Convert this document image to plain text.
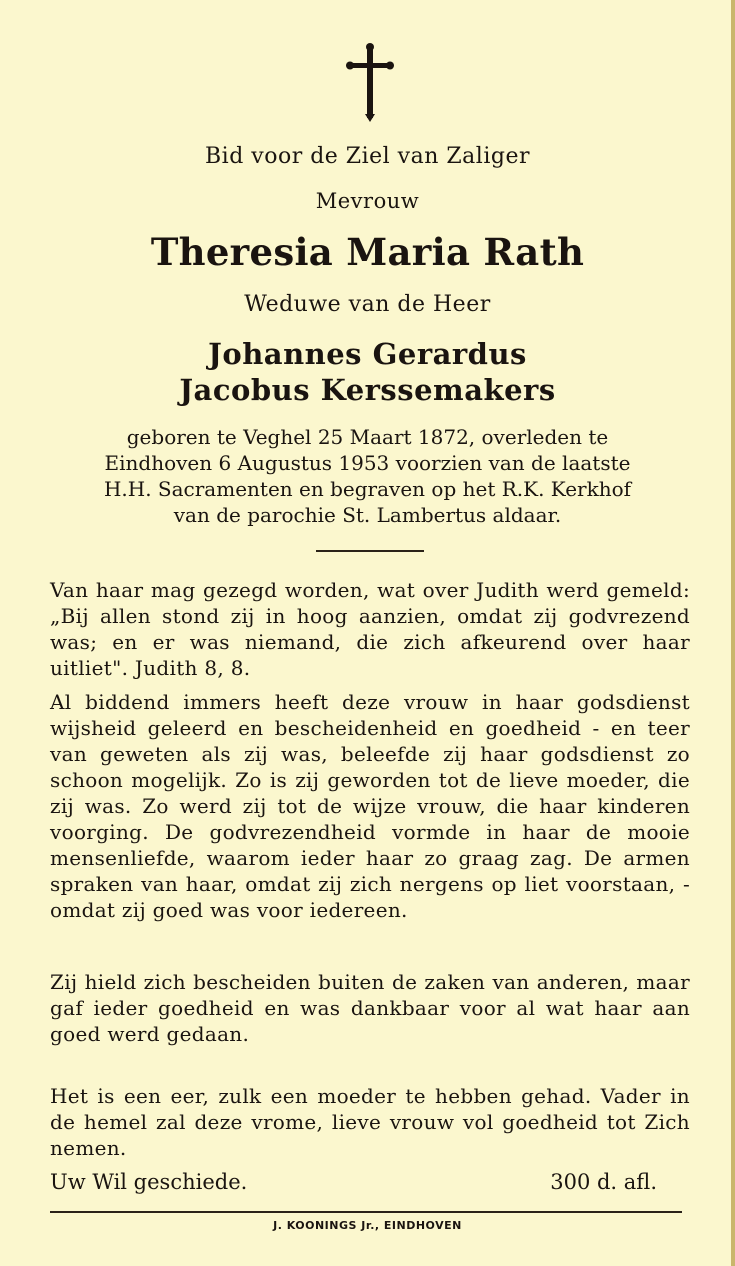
Bid voor de Ziel van Zaliger
Mevrouw
Theresia Maria Rath
Weduwe van de Heer
Johannes Gerardus
Jacobus Kerssemakers
geboren te Veghel 25 Maart 1872, overleden te
Eindhoven 6 Augustus 1953 voorzien van de laatste
H.H. Sacramenten en begraven op het R.K. Kerkhof
van de parochie St. Lambertus aldaar.
Van haar mag gezegd worden, wat over Judith werd gemeld: „Bij allen stond zij in hoog aanzien, omdat zij godvrezend was; en er was niemand, die zich afkeurend over haar uitliet". Judith 8, 8.
Al biddend immers heeft deze vrouw in haar godsdienst wijsheid geleerd en bescheidenheid en goedheid - en teer van geweten als zij was, beleefde zij haar godsdienst zo schoon mogelijk. Zo is zij geworden tot de lieve moeder, die zij was. Zo werd zij tot de wijze vrouw, die haar kinderen voorging. De godvrezendheid vormde in haar de mooie mensenliefde, waarom ieder haar zo graag zag. De armen spraken van haar, omdat zij zich nergens op liet voorstaan, - omdat zij goed was voor iedereen.
Zij hield zich bescheiden buiten de zaken van anderen, maar gaf ieder goedheid en was dankbaar voor al wat haar aan goed werd gedaan.
Het is een eer, zulk een moeder te hebben gehad. Vader in de hemel zal deze vrome, lieve vrouw vol goedheid tot Zich nemen.
Uw Wil geschiede.	300 d. afl.
J. KOONINGS Jr., EINDHOVEN
